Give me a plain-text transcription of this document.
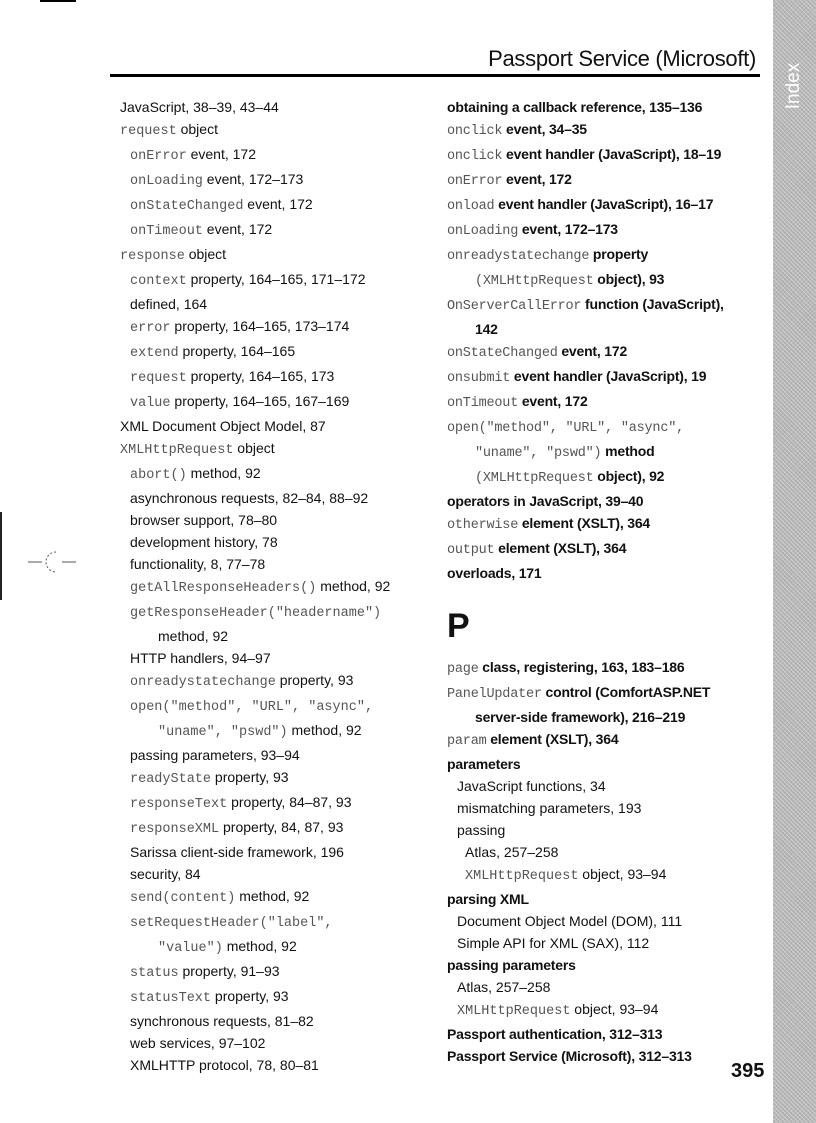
Passport Service (Microsoft)
Index
JavaScript, 38–39, 43–44
request object
onError event, 172
onLoading event, 172–173
onStateChanged event, 172
onTimeout event, 172
response object
context property, 164–165, 171–172
defined, 164
error property, 164–165, 173–174
extend property, 164–165
request property, 164–165, 173
value property, 164–165, 167–169
XML Document Object Model, 87
XMLHttpRequest object
abort() method, 92
asynchronous requests, 82–84, 88–92
browser support, 78–80
development history, 78
functionality, 8, 77–78
getAllResponseHeaders() method, 92
getResponseHeader("headername")
method, 92
HTTP handlers, 94–97
onreadystatechange property, 93
open("method", "URL", "async",
"uname", "pswd") method, 92
passing parameters, 93–94
readyState property, 93
responseText property, 84–87, 93
responseXML property, 84, 87, 93
Sarissa client-side framework, 196
security, 84
send(content) method, 92
setRequestHeader("label",
"value") method, 92
status property, 91–93
statusText property, 93
synchronous requests, 81–82
web services, 97–102
XMLHTTP protocol, 78, 80–81
obtaining a callback reference, 135–136
onclick event, 34–35
onclick event handler (JavaScript), 18–19
onError event, 172
onload event handler (JavaScript), 16–17
onLoading event, 172–173
onreadystatechange property
(XMLHttpRequest object), 93
OnServerCallError function (JavaScript),
142
onStateChanged event, 172
onsubmit event handler (JavaScript), 19
onTimeout event, 172
open("method", "URL", "async",
"uname", "pswd") method
(XMLHttpRequest object), 92
operators in JavaScript, 39–40
otherwise element (XSLT), 364
output element (XSLT), 364
overloads, 171
P
page class, registering, 163, 183–186
PanelUpdater control (ComfortASP.NET
server-side framework), 216–219
param element (XSLT), 364
parameters
JavaScript functions, 34
mismatching parameters, 193
passing
Atlas, 257–258
XMLHttpRequest object, 93–94
parsing XML
Document Object Model (DOM), 111
Simple API for XML (SAX), 112
passing parameters
Atlas, 257–258
XMLHttpRequest object, 93–94
Passport authentication, 312–313
Passport Service (Microsoft), 312–313
395
